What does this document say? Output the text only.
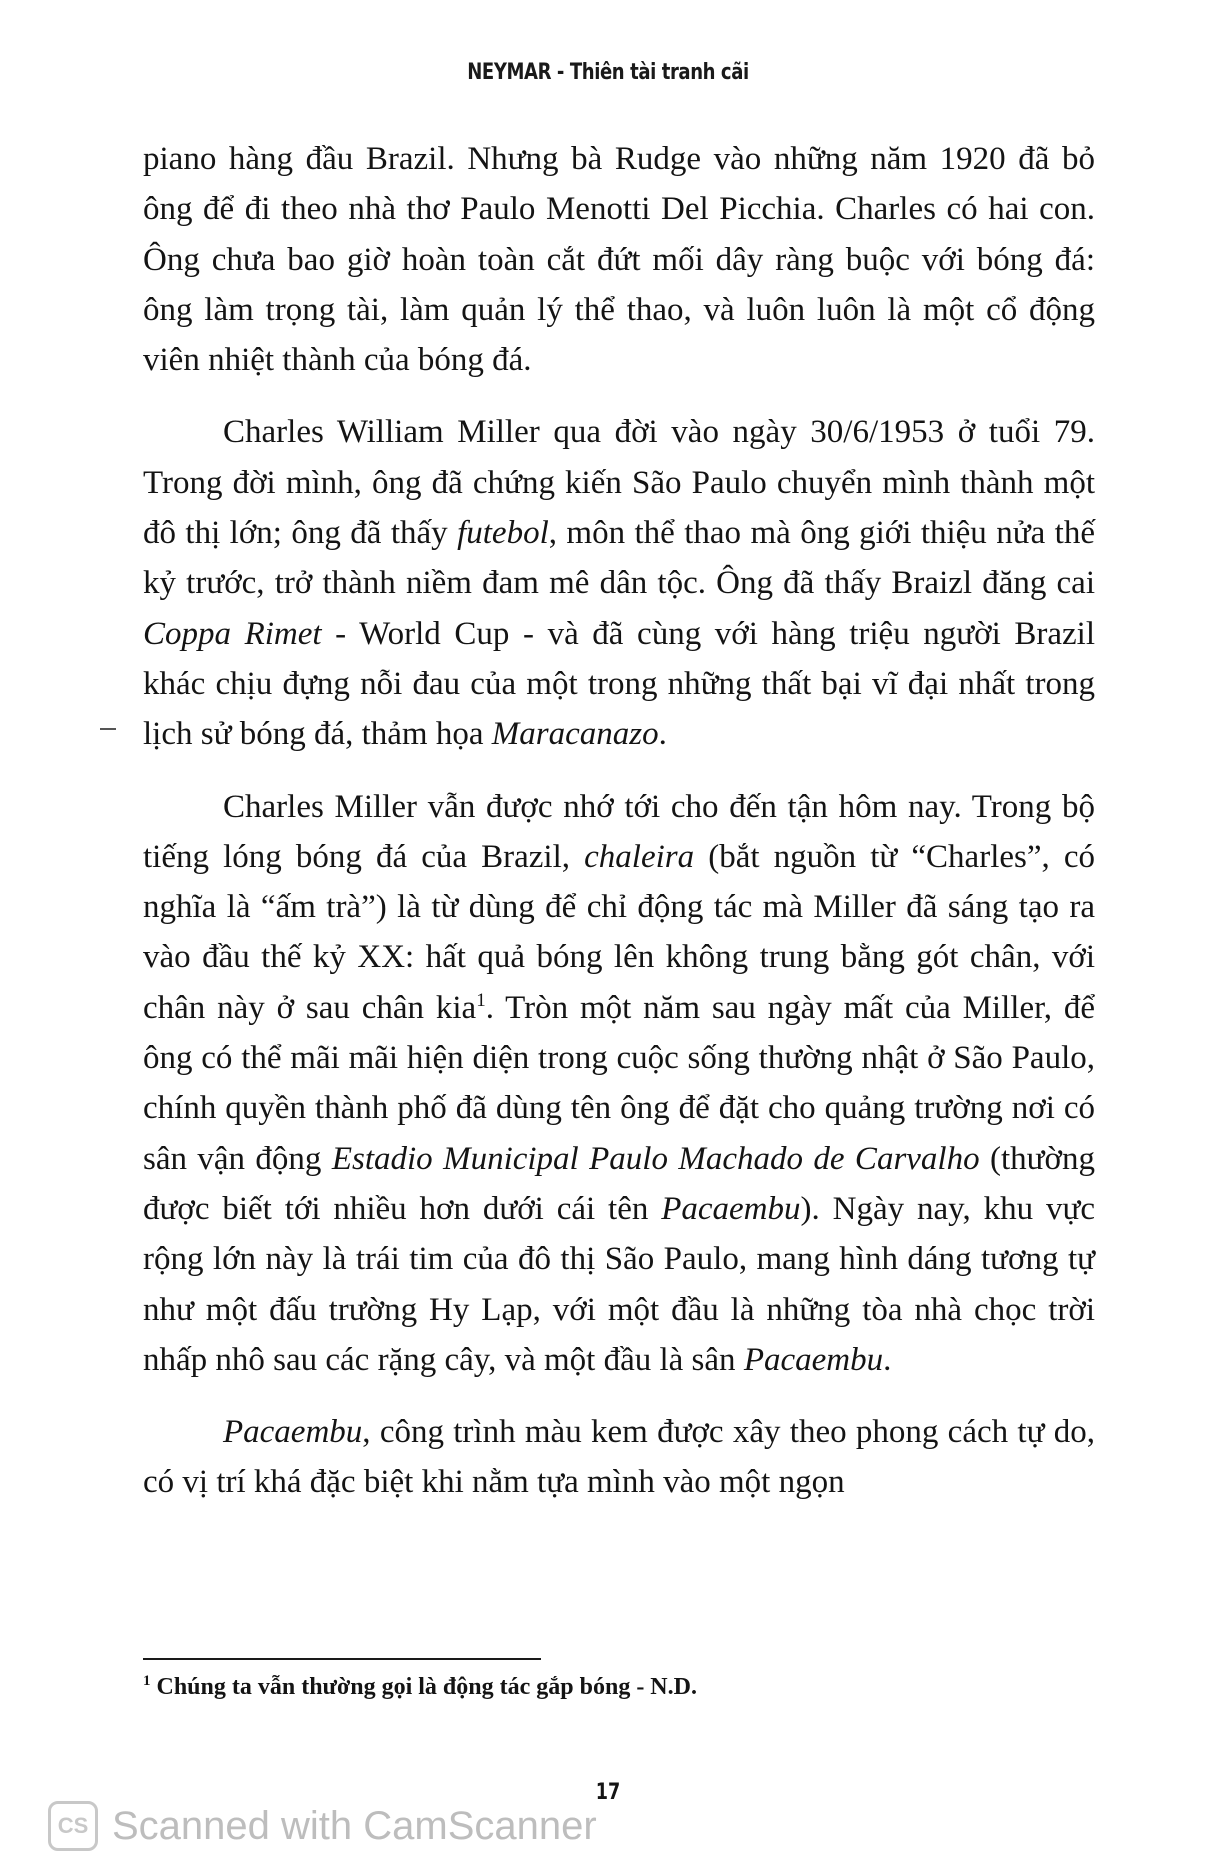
NEYMAR - Thiên tài tranh cãi

piano hàng đầu Brazil. Nhưng bà Rudge vào những năm 1920 đã bỏ ông để đi theo nhà thơ Paulo Menotti Del Picchia. Charles có hai con. Ông chưa bao giờ hoàn toàn cắt đứt mối dây ràng buộc với bóng đá: ông làm trọng tài, làm quản lý thể thao, và luôn luôn là một cổ động viên nhiệt thành của bóng đá.

Charles William Miller qua đời vào ngày 30/6/1953 ở tuổi 79. Trong đời mình, ông đã chứng kiến São Paulo chuyển mình thành một đô thị lớn; ông đã thấy futebol, môn thể thao mà ông giới thiệu nửa thế kỷ trước, trở thành niềm đam mê dân tộc. Ông đã thấy Braizl đăng cai Coppa Rimet - World Cup - và đã cùng với hàng triệu người Brazil khác chịu đựng nỗi đau của một trong những thất bại vĩ đại nhất trong lịch sử bóng đá, thảm họa Maracanazo.

Charles Miller vẫn được nhớ tới cho đến tận hôm nay. Trong bộ tiếng lóng bóng đá của Brazil, chaleira (bắt nguồn từ “Charles”, có nghĩa là “ấm trà”) là từ dùng để chỉ động tác mà Miller đã sáng tạo ra vào đầu thế kỷ XX: hất quả bóng lên không trung bằng gót chân, với chân này ở sau chân kia$^1$. Tròn một năm sau ngày mất của Miller, để ông có thể mãi mãi hiện diện trong cuộc sống thường nhật ở São Paulo, chính quyền thành phố đã dùng tên ông để đặt cho quảng trường nơi có sân vận động Estadio Municipal Paulo Machado de Carvalho (thường được biết tới nhiều hơn dưới cái tên Pacaembu). Ngày nay, khu vực rộng lớn này là trái tim của đô thị São Paulo, mang hình dáng tương tự như một đấu trường Hy Lạp, với một đầu là những tòa nhà chọc trời nhấp nhô sau các rặng cây, và một đầu là sân Pacaembu.

Pacaembu, công trình màu kem được xây theo phong cách tự do, có vị trí khá đặc biệt khi nằm tựa mình vào một ngọn

$^1$ Chúng ta vẫn thường gọi là động tác gắp bóng - N.D.
17
CS Scanned with CamScanner
